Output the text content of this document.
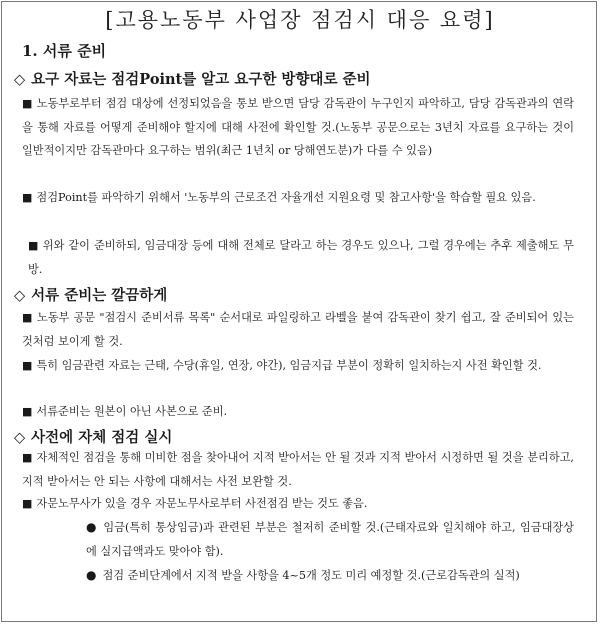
[고용노동부 사업장 점검시 대응 요령]
1. 서류 준비
◇ 요구 자료는 점검Point를 알고 요구한 방향대로 준비
■ 노동부로부터 점검 대상에 선정되었음을 통보 받으면 담당 감독관이 누구인지 파악하고, 담당 감독관과의 연락을 통해 자료를 어떻게 준비해야 할지에 대해 사전에 확인할 것.(노동부 공문으로는 3년치 자료를 요구하는 것이 일반적이지만 감독관마다 요구하는 범위(최근 1년치 or 당해연도분)가 다를 수 있음)
■ 점검Point를 파악하기 위해서 '노동부의 근로조건 자율개선 지원요령 및 참고사항'을 학습할 필요 있음.
■ 위와 같이 준비하되, 임금대장 등에 대해 전체로 달라고 하는 경우도 있으나, 그럴 경우에는 추후 제출해도 무방.
◇ 서류 준비는 깔끔하게
■ 노동부 공문 "점검시 준비서류 목록" 순서대로 파일링하고 라벨을 붙여 감독관이 찾기 쉽고, 잘 준비되어 있는 것처럼 보이게 할 것.
■ 특히 임금관련 자료는 근태, 수당(휴일, 연장, 야간), 임금지급 부분이 정확히 일치하는지 사전 확인할 것.
■ 서류준비는 원본이 아닌 사본으로 준비.
◇ 사전에 자체 점검 실시
■ 자체적인 점검을 통해 미비한 점을 찾아내어 지적 받아서는 안 될 것과 지적 받아서 시정하면 될 것을 분리하고, 지적 받아서는 안 되는 사항에 대해서는 사전 보완할 것.
■ 자문노무사가 있을 경우 자문노무사로부터 사전점검 받는 것도 좋음.
● 임금(특히 통상임금)과 관련된 부분은 철저히 준비할 것.(근태자료와 일치해야 하고, 임금대장상에 실지급액과도 맞아야 함).
● 점검 준비단계에서 지적 받을 사항을 4~5개 정도 미리 예정할 것.(근로감독관의 실적)
